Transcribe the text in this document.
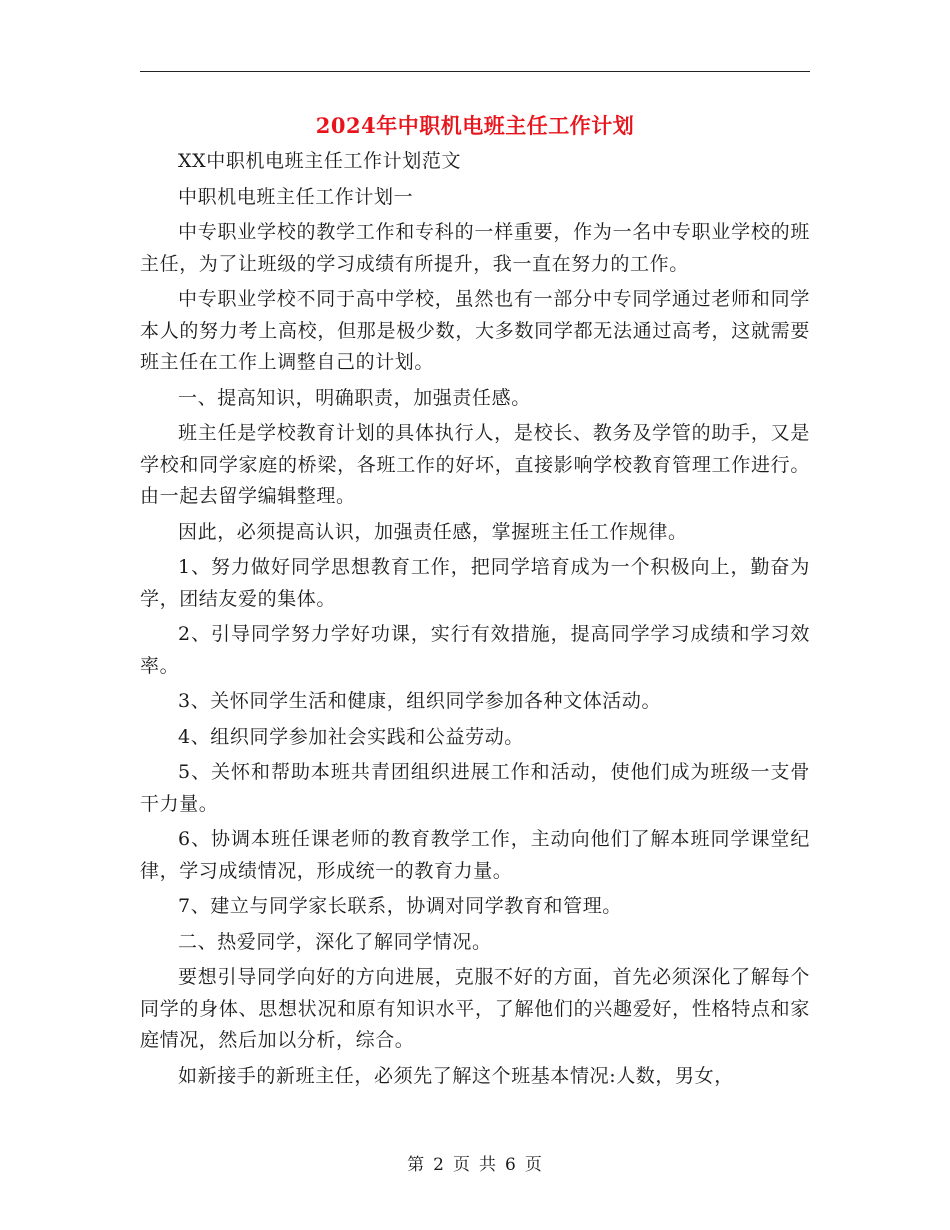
2024年中职机电班主任工作计划

XX中职机电班主任工作计划范文

中职机电班主任工作计划一

中专职业学校的教学工作和专科的一样重要，作为一名中专职业学校的班主任，为了让班级的学习成绩有所提升，我一直在努力的工作。

中专职业学校不同于高中学校，虽然也有一部分中专同学通过老师和同学本人的努力考上高校，但那是极少数，大多数同学都无法通过高考，这就需要班主任在工作上调整自己的计划。

一、提高知识，明确职责，加强责任感。

班主任是学校教育计划的具体执行人，是校长、教务及学管的助手，又是学校和同学家庭的桥梁，各班工作的好坏，直接影响学校教育管理工作进行。由一起去留学编辑整理。

因此，必须提高认识，加强责任感，掌握班主任工作规律。

1、努力做好同学思想教育工作，把同学培育成为一个积极向上，勤奋为学，团结友爱的集体。

2、引导同学努力学好功课，实行有效措施，提高同学学习成绩和学习效率。

3、关怀同学生活和健康，组织同学参加各种文体活动。

4、组织同学参加社会实践和公益劳动。

5、关怀和帮助本班共青团组织进展工作和活动，使他们成为班级一支骨干力量。

6、协调本班任课老师的教育教学工作，主动向他们了解本班同学课堂纪律，学习成绩情况，形成统一的教育力量。

7、建立与同学家长联系，协调对同学教育和管理。

二、热爱同学，深化了解同学情况。

要想引导同学向好的方向进展，克服不好的方面，首先必须深化了解每个同学的身体、思想状况和原有知识水平，了解他们的兴趣爱好，性格特点和家庭情况，然后加以分析，综合。

如新接手的新班主任，必须先了解这个班基本情况:人数，男女，

第 2 页 共 6 页
